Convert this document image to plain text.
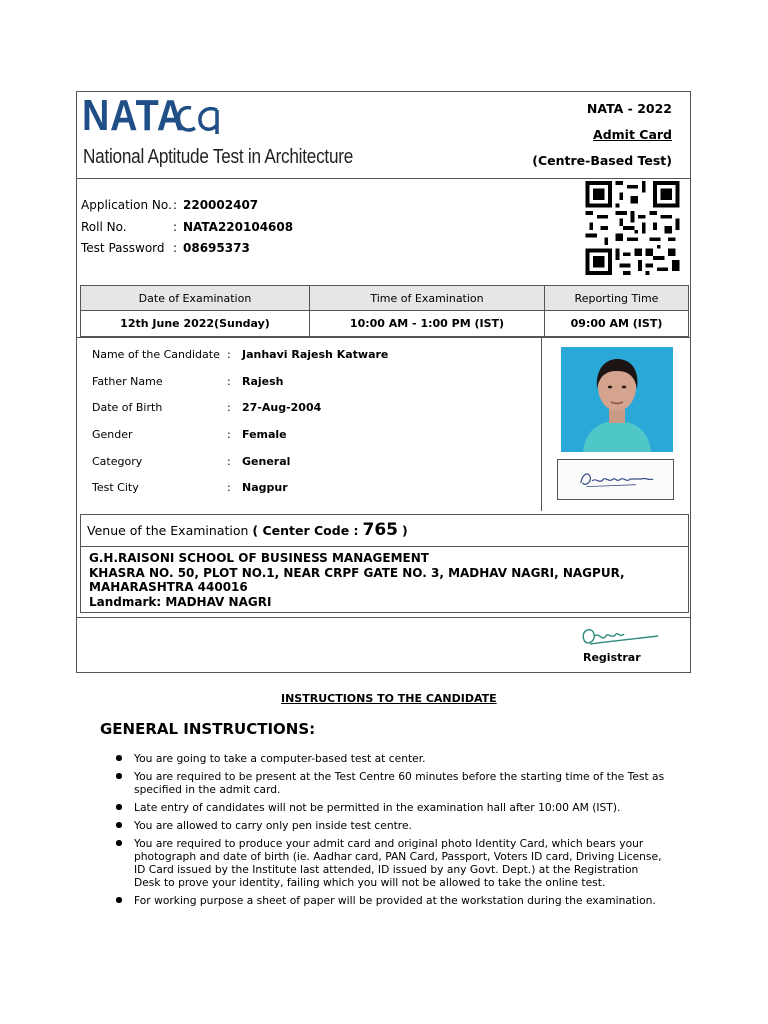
NATA
National Aptitude Test in Architecture
NATA - 2022
Admit Card
(Centre-Based Test)
Application No. : 220002407
Roll No.	: NATA220104608
Test Password : 08695373
Date of Examination	Time of Examination	Reporting Time
12th June 2022(Sunday)	10:00 AM - 1:00 PM (IST)	09:00 AM (IST)
Name of the Candidate :	Janhavi Rajesh Katware
Father Name	:	Rajesh
Date of Birth	:	27-Aug-2004
Gender	:	Female
Category	:	General
Test City	:	Nagpur
Venue of the Examination ( Center Code : 765 )
G.H.RAISONI SCHOOL OF BUSINESS MANAGEMENT
KHASRA NO. 50, PLOT NO.1, NEAR CRPF GATE NO. 3, MADHAV NAGRI, NAGPUR,
MAHARASHTRA 440016
Landmark: MADHAV NAGRI
Registrar
INSTRUCTIONS TO THE CANDIDATE
GENERAL INSTRUCTIONS:
You are going to take a computer-based test at center.
You are required to be present at the Test Centre 60 minutes before the starting time of the Test as specified in the admit card.
Late entry of candidates will not be permitted in the examination hall after 10:00 AM (IST).
You are allowed to carry only pen inside test centre.
You are required to produce your admit card and original photo Identity Card, which bears your photograph and date of birth (ie. Aadhar card, PAN Card, Passport, Voters ID card, Driving License, ID Card issued by the Institute last attended, ID issued by any Govt. Dept.) at the Registration Desk to prove your identity, failing which you will not be allowed to take the online test.
For working purpose a sheet of paper will be provided at the workstation during the examination.
